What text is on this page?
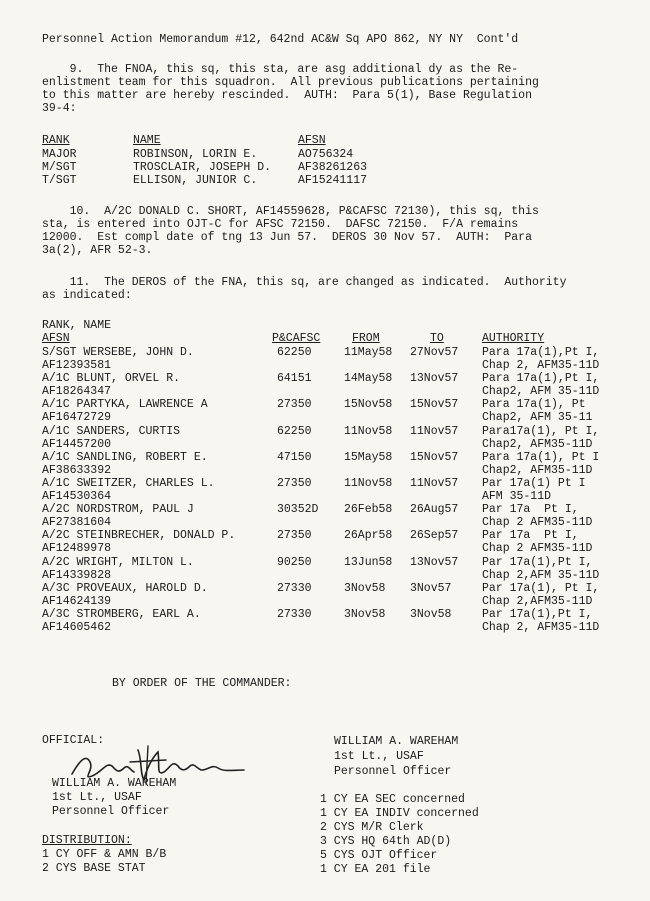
Personnel Action Memorandum #12, 642nd AC&W Sq APO 862, NY NY  Cont'd
9.  The FNOA, this sq, this sta, are asg additional dy as the Re-
enlistment team for this squadron.  All previous publications pertaining
to this matter are hereby rescinded.  AUTH:  Para 5(1), Base Regulation
39-4:
RANK	NAME	AFSN
MAJOR	ROBINSON, LORIN E.	AO756324
M/SGT	TROSCLAIR, JOSEPH D. AF38261263
T/SGT	ELLISON, JUNIOR C.	AF15241117
10.  A/2C DONALD C. SHORT, AF14559628, P&CAFSC 72130), this sq, this
sta, is entered into OJT-C for AFSC 72150.  DAFSC 72150.  F/A remains
12000.  Est compl date of tng 13 Jun 57.  DEROS 30 Nov 57.  AUTH:  Para
3a(2), AFR 52-3.
11.  The DEROS of the FNA, this sq, are changed as indicated.  Authority
as indicated:
RANK, NAME
AFSN	P&CAFSC	FROM	TO	AUTHORITY
S/SGT WERSEBE, JOHN D.
AF12393581
62250	11May58 27Nov57 Para 17a(1),Pt I,
Chap 2, AFM35-11D
A/1C BLUNT, ORVEL R.
AF18264347
64151	14May58 13Nov57 Para 17a(1),Pt I,
Chap2, AFM 35-11D
A/1C PARTYKA, LAWRENCE A
AF16472729
27350	15Nov58 15Nov57 Para 17a(1), Pt
Chap2, AFM 35-11
A/1C SANDERS, CURTIS
AF14457200
62250	11Nov58 11Nov57 Para17a(1), Pt I,
Chap2, AFM35-11D
A/1C SANDLING, ROBERT E.
AF38633392
47150	15May58 15Nov57 Para 17a(1), Pt I
Chap2, AFM35-11D
A/1C SWEITZER, CHARLES L.
AF14530364
27350	11Nov58 11Nov57 Par 17a(1) Pt I
AFM 35-11D
A/2C NORDSTROM, PAUL J
AF27381604
30352D 26Feb58 26Aug57 Par 17a  Pt I,
Chap 2 AFM35-11D
A/2C STEINBRECHER, DONALD P.
AF12489978
27350	26Apr58 26Sep57 Par 17a  Pt I,
Chap 2 AFM35-11D
A/2C WRIGHT, MILTON L.
AF14339828
90250	13Jun58 13Nov57 Par 17a(1),Pt I,
Chap 2,AFM 35-11D
A/3C PROVEAUX, HAROLD D.
AF14624139
27330	3Nov58 3Nov57	Par 17a(1), Pt I,
Chap 2,AFM35-11D
A/3C STROMBERG, EARL A.
AF14605462
27330	3Nov58 3Nov58	Par 17a(1),Pt I,
Chap 2, AFM35-11D
BY ORDER OF THE COMMANDER:
OFFICIAL:
WILLIAM A. WAREHAM
1st Lt., USAF
Personnel Officer
WILLIAM A. WAREHAM
1st Lt., USAF
Personnel Officer
DISTRIBUTION:
1 CY OFF & AMN B/B
2 CYS BASE STAT
1 CY EA SEC concerned
1 CY EA INDIV concerned
2 CYS M/R Clerk
3 CYS HQ 64th AD(D)
5 CYS OJT Officer
1 CY EA 201 file
